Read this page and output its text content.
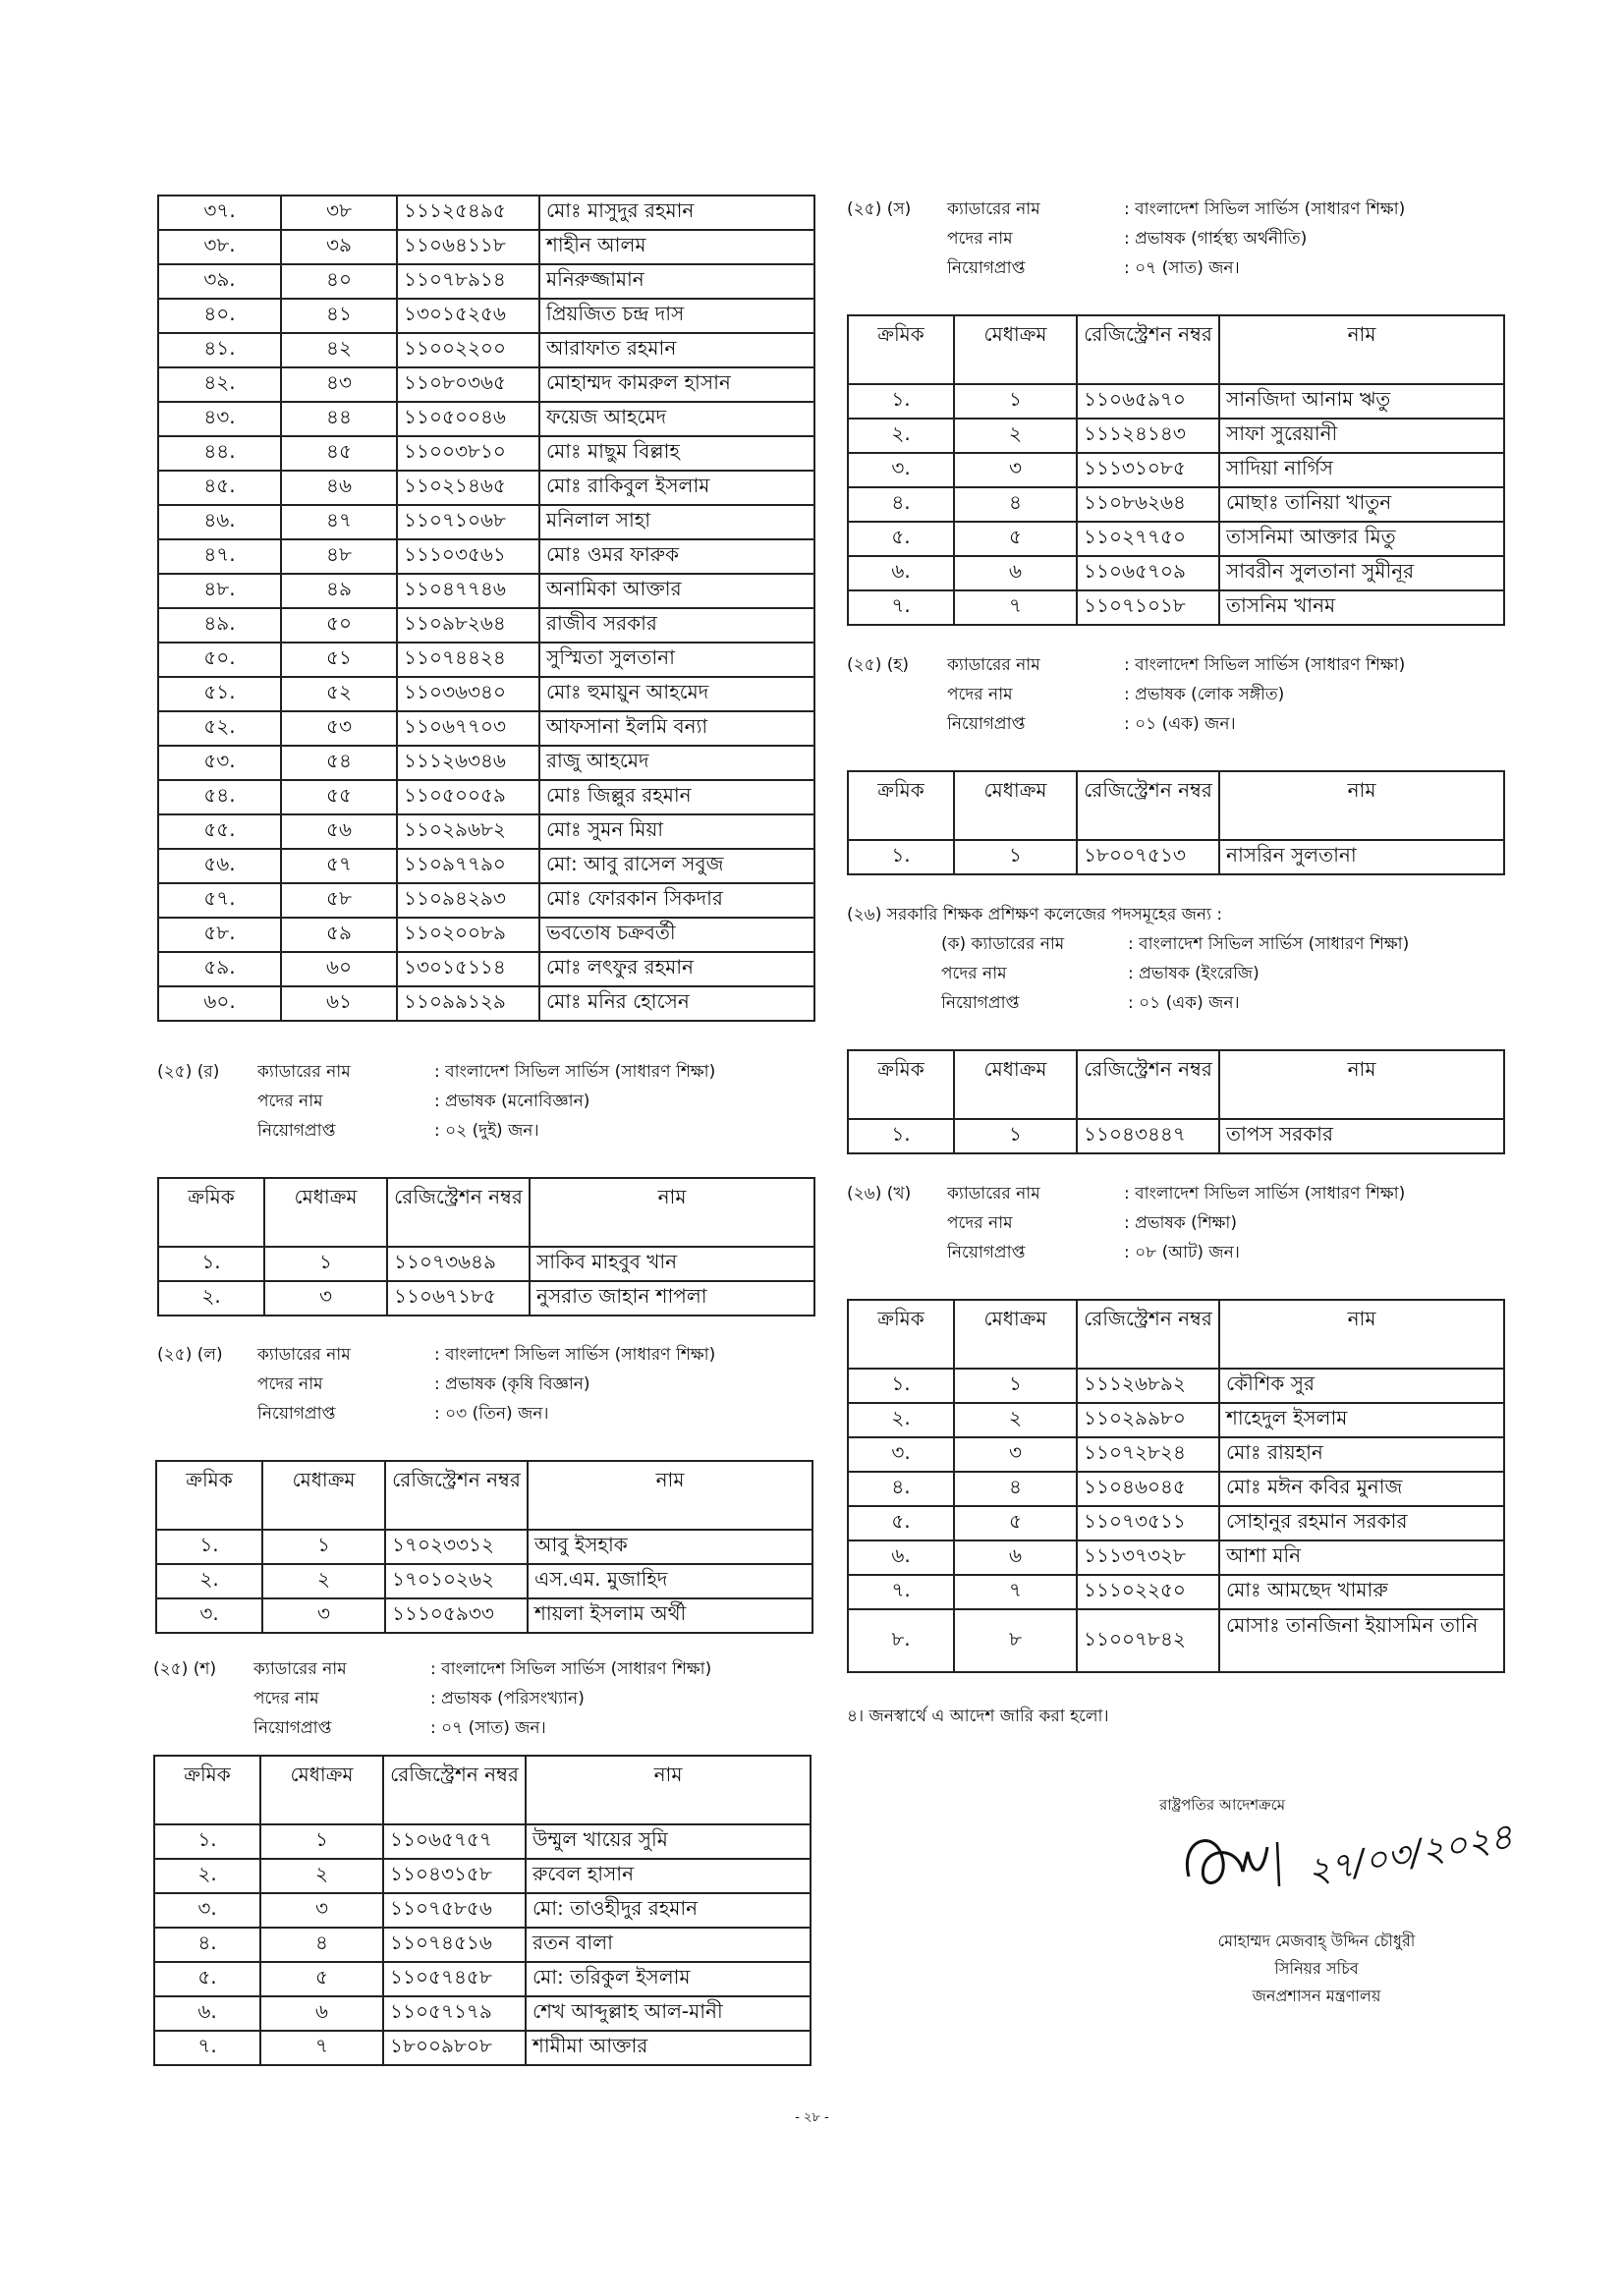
৩৭.	৩৮	১১১২৫৪৯৫	মোঃ মাসুদুর রহমান
৩৮.	৩৯	১১০৬৪১১৮	শাহীন আলম
৩৯.	৪০	১১০৭৮৯১৪	মনিরুজ্জামান
৪০.	৪১	১৩০১৫২৫৬	প্রিয়জিত চন্দ্র দাস
৪১.	৪২	১১০০২২০০	আরাফাত রহমান
৪২.	৪৩	১১০৮০৩৬৫	মোহাম্মদ কামরুল হাসান
৪৩.	৪৪	১১০৫০০৪৬	ফয়েজ আহমেদ
৪৪.	৪৫	১১০০৩৮১০	মোঃ মাছুম বিল্লাহ
৪৫.	৪৬	১১০২১৪৬৫	মোঃ রাকিবুল ইসলাম
৪৬.	৪৭	১১০৭১০৬৮	মনিলাল সাহা
৪৭.	৪৮	১১১০৩৫৬১	মোঃ ওমর ফারুক
৪৮.	৪৯	১১০৪৭৭৪৬	অনামিকা আক্তার
৪৯.	৫০	১১০৯৮২৬৪	রাজীব সরকার
৫০.	৫১	১১০৭৪৪২৪	সুস্মিতা সুলতানা
৫১.	৫২	১১০৩৬৩৪০	মোঃ হুমায়ুন আহমেদ
৫২.	৫৩	১১০৬৭৭০৩	আফসানা ইলমি বন্যা
৫৩.	৫৪	১১১২৬৩৪৬	রাজু আহমেদ
৫৪.	৫৫	১১০৫০০৫৯	মোঃ জিল্লুর রহমান
৫৫.	৫৬	১১০২৯৬৮২	মোঃ সুমন মিয়া
৫৬.	৫৭	১১০৯৭৭৯০	মো: আবু রাসেল সবুজ
৫৭.	৫৮	১১০৯৪২৯৩	মোঃ ফোরকান সিকদার
৫৮.	৫৯	১১০২০০৮৯	ভবতোষ চক্রবর্তী
৫৯.	৬০	১৩০১৫১১৪	মোঃ লৎফুর রহমান
৬০.	৬১	১১০৯৯১২৯	মোঃ মনির হোসেন
(২৫) (র) ক্যাডারের নাম	: বাংলাদেশ সিভিল সার্ভিস (সাধারণ শিক্ষা)
পদের নাম	: প্রভাষক (মনোবিজ্ঞান)
নিয়োগপ্রাপ্ত	: ০২ (দুই) জন।
ক্রমিক	মেধাক্রম	রেজিস্ট্রেশন নম্বর	নাম
১.	১	১১০৭৩৬৪৯	সাকিব মাহবুব খান
২.	৩	১১০৬৭১৮৫	নুসরাত জাহান শাপলা
(২৫) (ল) ক্যাডারের নাম	: বাংলাদেশ সিভিল সার্ভিস (সাধারণ শিক্ষা)
পদের নাম	: প্রভাষক (কৃষি বিজ্ঞান)
নিয়োগপ্রাপ্ত	: ০৩ (তিন) জন।
ক্রমিক	মেধাক্রম	রেজিস্ট্রেশন নম্বর	নাম
১.	১	১৭০২৩৩১২	আবু ইসহাক
২.	২	১৭০১০২৬২	এস.এম. মুজাহিদ
৩.	৩	১১১০৫৯৩৩	শায়লা ইসলাম অর্থী
(২৫) (শ) ক্যাডারের নাম	: বাংলাদেশ সিভিল সার্ভিস (সাধারণ শিক্ষা)
পদের নাম	: প্রভাষক (পরিসংখ্যান)
নিয়োগপ্রাপ্ত	: ০৭ (সাত) জন।
ক্রমিক	মেধাক্রম	রেজিস্ট্রেশন নম্বর	নাম
১.	১	১১০৬৫৭৫৭	উম্মুল খায়ের সুমি
২.	২	১১০৪৩১৫৮	রুবেল হাসান
৩.	৩	১১০৭৫৮৫৬	মো: তাওহীদুর রহমান
৪.	৪	১১০৭৪৫১৬	রতন বালা
৫.	৫	১১০৫৭৪৫৮	মো: তরিকুল ইসলাম
৬.	৬	১১০৫৭১৭৯	শেখ আব্দুল্লাহ আল-মানী
৭.	৭	১৮০০৯৮০৮	শামীমা আক্তার
(২৫) (স) ক্যাডারের নাম	: বাংলাদেশ সিভিল সার্ভিস (সাধারণ শিক্ষা)
পদের নাম	: প্রভাষক (গার্হস্থ্য অর্থনীতি)
নিয়োগপ্রাপ্ত	: ০৭ (সাত) জন।
ক্রমিক	মেধাক্রম	রেজিস্ট্রেশন নম্বর	নাম
১.	১	১১০৬৫৯৭০	সানজিদা আনাম ঋতু
২.	২	১১১২৪১৪৩	সাফা সুরেয়ানী
৩.	৩	১১১৩১০৮৫	সাদিয়া নার্গিস
৪.	৪	১১০৮৬২৬৪	মোছাঃ তানিয়া খাতুন
৫.	৫	১১০২৭৭৫০	তাসনিমা আক্তার মিতু
৬.	৬	১১০৬৫৭০৯	সাবরীন সুলতানা সুমীনূর
৭.	৭	১১০৭১০১৮	তাসনিম খানম
(২৫) (হ) ক্যাডারের নাম	: বাংলাদেশ সিভিল সার্ভিস (সাধারণ শিক্ষা)
পদের নাম	: প্রভাষক (লোক সঙ্গীত)
নিয়োগপ্রাপ্ত	: ০১ (এক) জন।
ক্রমিক	মেধাক্রম	রেজিস্ট্রেশন নম্বর	নাম
১.	১	১৮০০৭৫১৩	নাসরিন সুলতানা
(২৬) সরকারি শিক্ষক প্রশিক্ষণ কলেজের পদসমূহের জন্য :
(ক) ক্যাডারের নাম	: বাংলাদেশ সিভিল সার্ভিস (সাধারণ শিক্ষা)
পদের নাম	: প্রভাষক (ইংরেজি)
নিয়োগপ্রাপ্ত	: ০১ (এক) জন।
ক্রমিক	মেধাক্রম	রেজিস্ট্রেশন নম্বর	নাম
১.	১	১১০৪৩৪৪৭	তাপস সরকার
(২৬) (খ) ক্যাডারের নাম	: বাংলাদেশ সিভিল সার্ভিস (সাধারণ শিক্ষা)
পদের নাম	: প্রভাষক (শিক্ষা)
নিয়োগপ্রাপ্ত	: ০৮ (আট) জন।
ক্রমিক	মেধাক্রম	রেজিস্ট্রেশন নম্বর	নাম
১.	১	১১১২৬৮৯২	কৌশিক সুর
২.	২	১১০২৯৯৮০	শাহেদুল ইসলাম
৩.	৩	১১০৭২৮২৪	মোঃ রায়হান
৪.	৪	১১০৪৬০৪৫	মোঃ মঈন কবির মুনাজ
৫.	৫	১১০৭৩৫১১	সোহানুর রহমান সরকার
৬.	৬	১১১৩৭৩২৮	আশা মনি
৭.	৭	১১১০২২৫০	মোঃ আমছেদ খামারু
৮.	৮	১১০০৭৮৪২	মোসাঃ তানজিনা ইয়াসমিন তানি
৪। জনস্বার্থে এ আদেশ জারি করা হলো।
রাষ্ট্রপতির আদেশক্রমে
২৭/০৩/২০২৪
মোহাম্মদ মেজবাহ্ উদ্দিন চৌধুরী
সিনিয়র সচিব
জনপ্রশাসন মন্ত্রণালয়
- ২৮ -
